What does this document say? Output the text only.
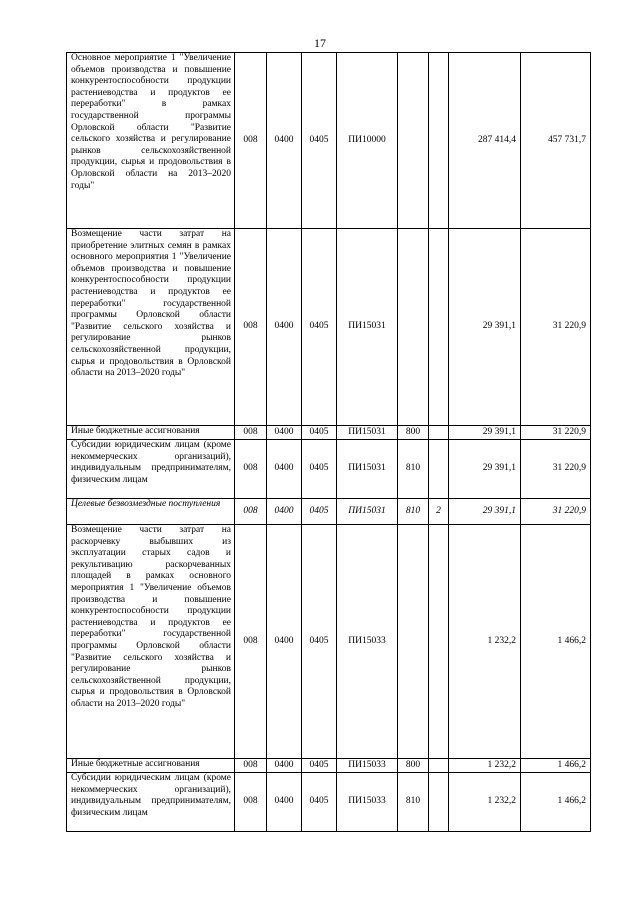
17
Основное мероприятие 1 "Увеличение объемов производства и повышение конкурентоспособности продукции растениеводства и продуктов ее переработки" в рамках государственной программы Орловской области "Развитие сельского хозяйства и регулирование рынков сельскохозяйственной продукции, сырья и продовольствия в Орловской области на 2013–2020 годы"	008	0400	0405	ПИ10000			287 414,4	457 731,7
Возмещение части затрат на приобретение элитных семян в рамках основного мероприятия 1 "Увеличение объемов производства и повышение конкурентоспособности продукции растениеводства и продуктов ее переработки" государственной программы Орловской области "Развитие сельского хозяйства и регулирование рынков сельскохозяйственной продукции, сырья и продовольствия в Орловской области на 2013–2020 годы"	008	0400	0405	ПИ15031			29 391,1	31 220,9
Иные бюджетные ассигнования	008	0400	0405	ПИ15031	800		29 391,1	31 220,9
Субсидии юридическим лицам (кроме некоммерческих организаций), индивидуальным предпринимателям, физическим лицам	008	0400	0405	ПИ15031	810		29 391,1	31 220,9
Целевые безвозмездные поступления	008	0400	0405	ПИ15031	810	2	29 391,1	31 220,9
Возмещение части затрат на раскорчевку выбывших из эксплуатации старых садов и рекультивацию раскорчеванных площадей в рамках основного мероприятия 1 "Увеличение объемов производства и повышение конкурентоспособности продукции растениеводства и продуктов ее переработки" государственной программы Орловской области "Развитие сельского хозяйства и регулирование рынков сельскохозяйственной продукции, сырья и продовольствия в Орловской области на 2013–2020 годы"	008	0400	0405	ПИ15033			1 232,2	1 466,2
Иные бюджетные ассигнования	008	0400	0405	ПИ15033	800		1 232,2	1 466,2
Субсидии юридическим лицам (кроме некоммерческих организаций), индивидуальным предпринимателям, физическим лицам	008	0400	0405	ПИ15033	810		1 232,2	1 466,2
